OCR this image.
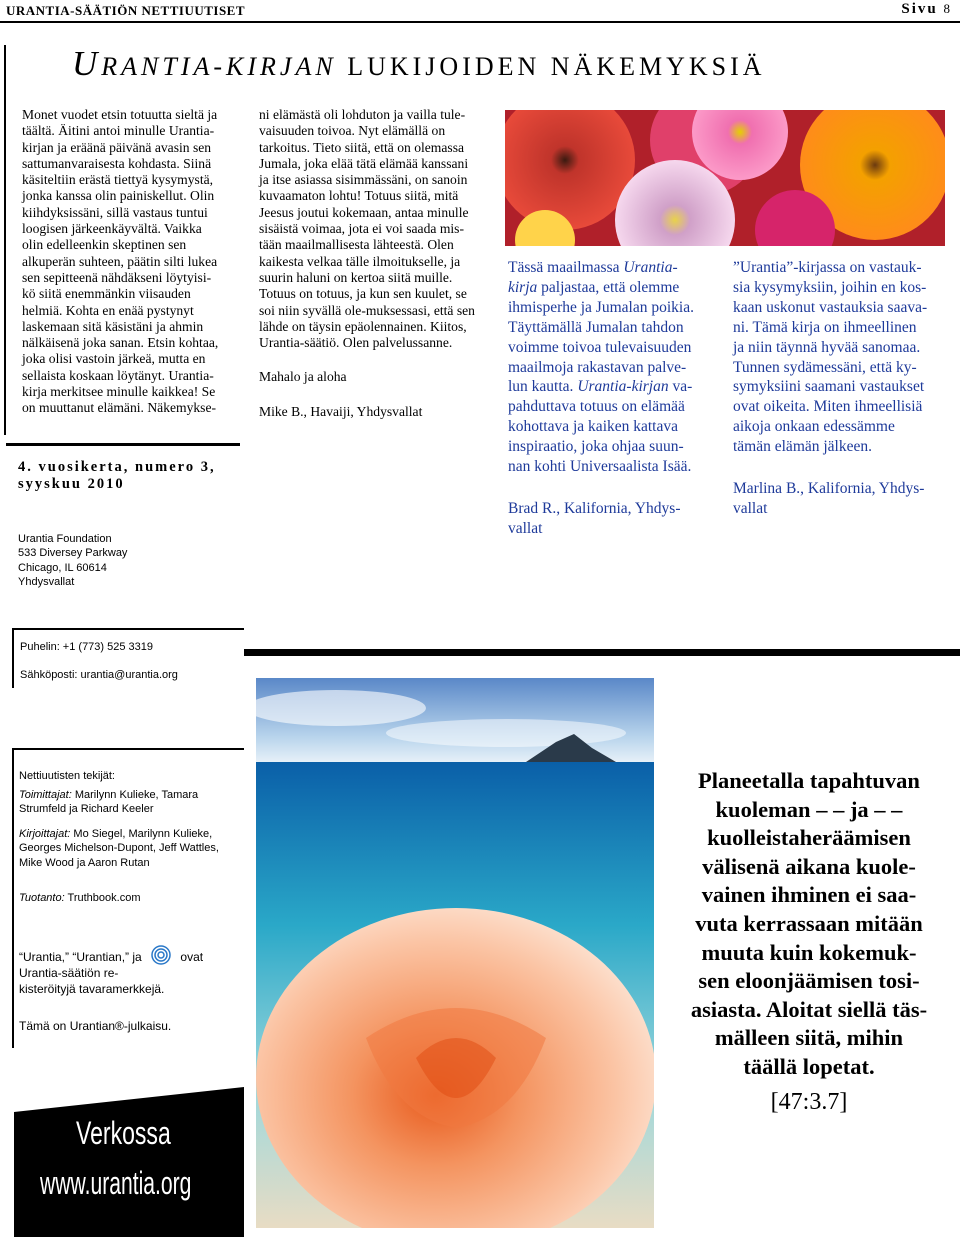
URANTIA-SÄÄTIÖN NETTIUUTISET	Sivu 8
URANTIA-KIRJAN LUKIJOIDEN NÄKEMYKSIÄ

Monet vuodet etsin totuutta sieltä ja

täältä. Äitini antoi minulle Urantia-

kirjan ja eräänä päivänä avasin sen

sattumanvaraisesta kohdasta. Siinä

käsiteltiin erästä tiettyä kysymystä,

jonka kanssa olin painiskellut. Olin

kiihdyksissäni, sillä vastaus tuntui

loogisen järkeenkäyvältä. Vaikka

olin edelleenkin skeptinen sen

alkuperän suhteen, päätin silti lukea

sen sepitteenä nähdäkseni löytyisi-

kö siitä enemmänkin viisauden

helmiä. Kohta en enää pystynyt

laskemaan sitä käsistäni ja ahmin

nälkäisenä joka sanan. Etsin kohtaa,

joka olisi vastoin järkeä, mutta en

sellaista koskaan löytänyt. Urantia-

kirja merkitsee minulle kaikkea! Se

on muuttanut elämäni. Näkemykse-

ni elämästä oli lohduton ja vailla tule-

vaisuuden toivoa. Nyt elämällä on

tarkoitus. Tieto siitä, että on olemassa

Jumala, joka elää tätä elämää kanssani

ja itse asiassa sisimmässäni, on sanoin

kuvaamaton lohtu! Totuus siitä, mitä

Jeesus joutui kokemaan, antaa minulle

sisäistä voimaa, jota ei voi saada mis-

tään maailmallisesta lähteestä. Olen

kaikesta velkaa tälle ilmoitukselle, ja

suurin haluni on kertoa siitä muille.

Totuus on totuus, ja kun sen kuulet, se

soi niin syvällä ole-muksessasi, että sen

lähde on täysin epäolennainen. Kiitos,

Urantia-säätiö. Olen palvelussanne.

Mahalo ja aloha

Mike B., Havaiji, Yhdysvallat

Tässä maailmassa Urantia-

kirja paljastaa, että olemme

ihmisperhe ja Jumalan poikia.

Täyttämällä Jumalan tahdon

voimme toivoa tulevaisuuden

maailmoja rakastavan palve-

lun kautta. Urantia-kirjan va-

pahduttava totuus on elämää

kohottava ja kaiken kattava

inspiraatio, joka ohjaa suun-

nan kohti Universaalista Isää.

Brad R., Kalifornia, Yhdys-

vallat

”Urantia”-kirjassa on vastauk-

sia kysymyksiin, joihin en kos-

kaan uskonut vastauksia saava-

ni. Tämä kirja on ihmeellinen

ja niin täynnä hyvää sanomaa.

Tunnen sydämessäni, että ky-

symyksiini saamani vastaukset

ovat oikeita. Miten ihmeellisiä

aikoja onkaan edessämme

tämän elämän jälkeen.

Marlina B., Kalifornia, Yhdys-

vallat

4. vuosikerta, numero 3,
syyskuu 2010
Urantia Foundation
533 Diversey Parkway
Chicago, IL 60614
Yhdysvallat
Puhelin: +1 (773) 525 3319
Sähköposti: urantia@urantia.org

Nettiuutisten tekijät:

Toimittajat: Marilynn Kulieke, Tamara Strumfeld ja Richard Keeler

Kirjoittajat: Mo Siegel, Marilynn Kulieke, Georges Michelson-Dupont, Jeff Wattles, Mike Wood ja Aaron Rutan

Tuotanto: Truthbook.com

“Urantia,” “Urantian,” ja	ovat
Urantia-säätiön re-
kisteröityjä tavaramerkkejä.

Tämä on Urantian®-julkaisu.

Verkossa
www.urantia.org
Planeetalla tapahtuvan
kuoleman – – ja – –
kuolleistaheräämisen
välisenä aikana kuole-
vainen ihminen ei saa-
vuta kerrassaan mitään
muuta kuin kokemuk-
sen eloonjäämisen tosi-
asiasta. Aloitat siellä täs-
mälleen siitä, mihin
täällä lopetat.
[47:3.7]
